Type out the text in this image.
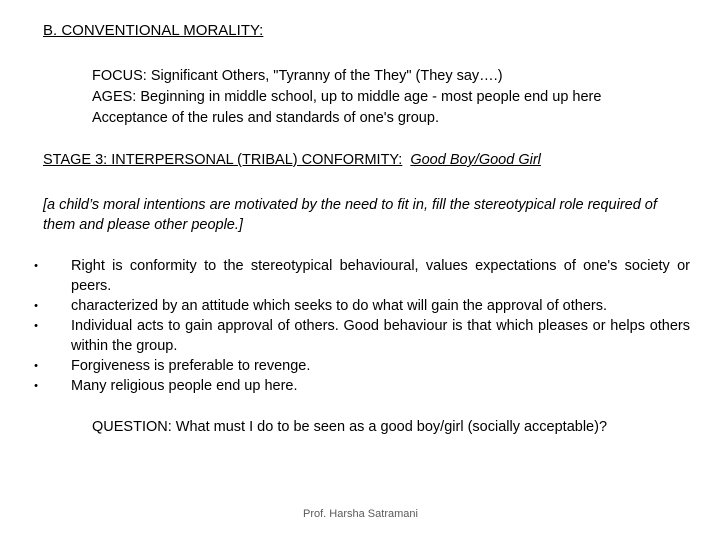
B. CONVENTIONAL MORALITY:
FOCUS: Significant Others, "Tyranny of the They" (They say….)
AGES: Beginning in middle school, up to middle age - most people end up here
Acceptance of the rules and standards of one's group.
STAGE 3: INTERPERSONAL (TRIBAL) CONFORMITY: Good Boy/Good Girl
[a child’s moral intentions are motivated by the need to fit in, fill the stereotypical role required of them and please other people.]
• Right is conformity to the stereotypical behavioural, values expectations of one's society or peers.
• characterized by an attitude which seeks to do what will gain the approval of others.
• Individual acts to gain approval of others. Good behaviour is that which pleases or helps others within the group.
• Forgiveness is preferable to revenge.
• Many religious people end up here.
QUESTION: What must I do to be seen as a good boy/girl (socially acceptable)?
Prof. Harsha Satramani
